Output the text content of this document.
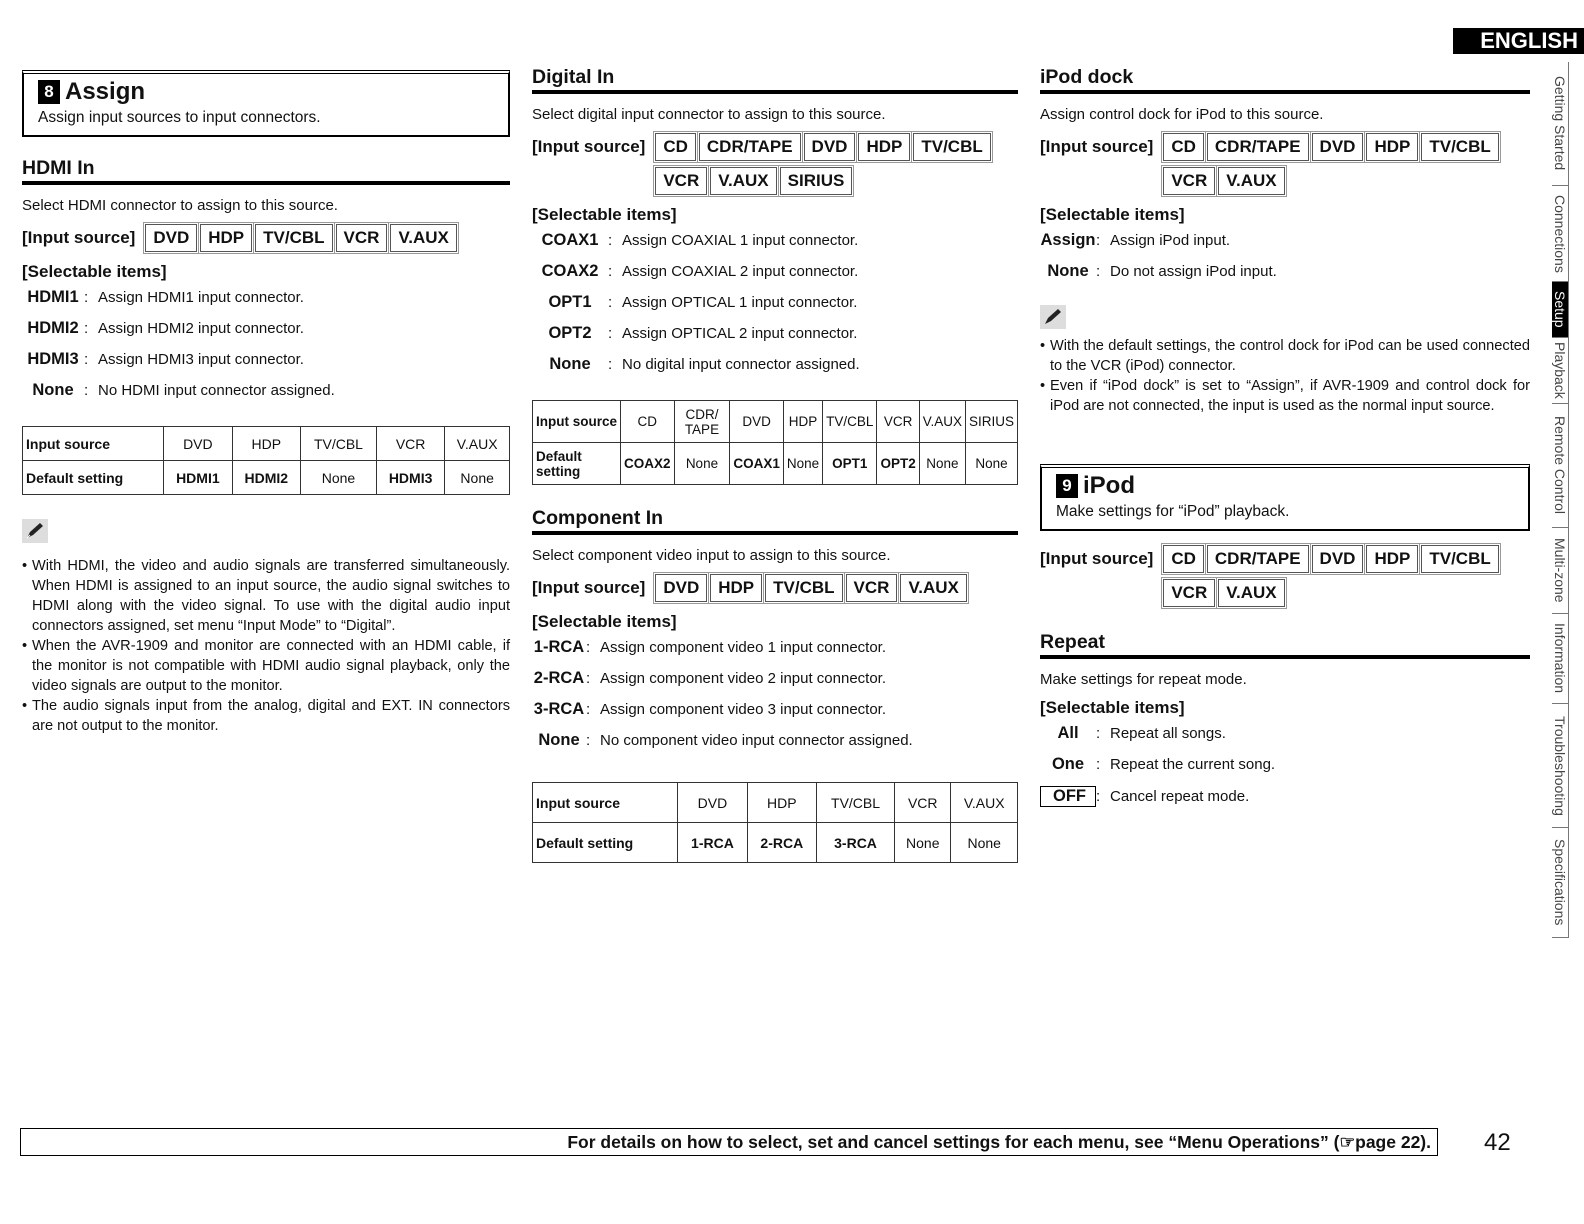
ENGLISH
8 Assign
Assign input sources to input connectors.
HDMI In
Select HDMI connector to assign to this source.
[Input source]	DVD	HDP	TV/CBL	VCR	V.AUX
[Selectable items]
HDMI1 : Assign HDMI1 input connector.
HDMI2 : Assign HDMI2 input connector.
HDMI3 : Assign HDMI3 input connector.
None : No HDMI input connector assigned.
Input source	DVD	HDP	TV/CBL	VCR	V.AUX
Default setting	HDMI1	HDMI2	None	HDMI3	None
• With HDMI, the video and audio signals are transferred simultaneously. When HDMI is assigned to an input source, the audio signal switches to HDMI along with the video signal. To use with the digital audio input connectors assigned, set menu “Input Mode” to “Digital”.
• When the AVR-1909 and monitor are connected with an HDMI cable, if the monitor is not compatible with HDMI audio signal playback, only the video signals are output to the monitor.
• The audio signals input from the analog, digital and EXT. IN connectors are not output to the monitor.
Digital In
Select digital input connector to assign to this source.
[Input source]	CD	CDR/TAPE	DVD	HDP	TV/CBL
VCR	V.AUX	SIRIUS
[Selectable items]
COAX1 : Assign COAXIAL 1 input connector.
COAX2 : Assign COAXIAL 2 input connector.
OPT1	: Assign OPTICAL 1 input connector.
OPT2	: Assign OPTICAL 2 input connector.
None	: No digital input connector assigned.
Input source	CD	CDR/ TAPE	DVD	HDP	TV/CBL	VCR	V.AUX	SIRIUS
Default setting	COAX2	None	COAX1	None	OPT1	OPT2	None	None
Component In
Select component video input to assign to this source.
[Input source]	DVD	HDP	TV/CBL	VCR	V.AUX
[Selectable items]
1-RCA : Assign component video 1 input connector.
2-RCA : Assign component video 2 input connector.
3-RCA : Assign component video 3 input connector.
None : No component video input connector assigned.
Input source	DVD	HDP	TV/CBL	VCR	V.AUX
Default setting	1-RCA	2-RCA	3-RCA	None	None
iPod dock
Assign control dock for iPod to this source.
[Input source]	CD	CDR/TAPE	DVD	HDP	TV/CBL
VCR	V.AUX
[Selectable items]
Assign : Assign iPod input.
None : Do not assign iPod input.
• With the default settings, the control dock for iPod can be used connected to the VCR (iPod) connector.
• Even if “iPod dock” is set to “Assign”, if AVR-1909 and control dock for iPod are not connected, the input is used as the normal input source.
9 iPod
Make settings for “iPod” playback.
[Input source]	CD	CDR/TAPE	DVD	HDP	TV/CBL
VCR	V.AUX
Repeat
Make settings for repeat mode.
[Selectable items]
All	: Repeat all songs.
One : Repeat the current song.
OFF : Cancel repeat mode.
Getting Started
Connections
Setup
Playback
Remote Control
Multi-zone
Information
Troubleshooting
Specifications
For details on how to select, set and cancel settings for each menu, see “Menu Operations” (☞page 22). 42
